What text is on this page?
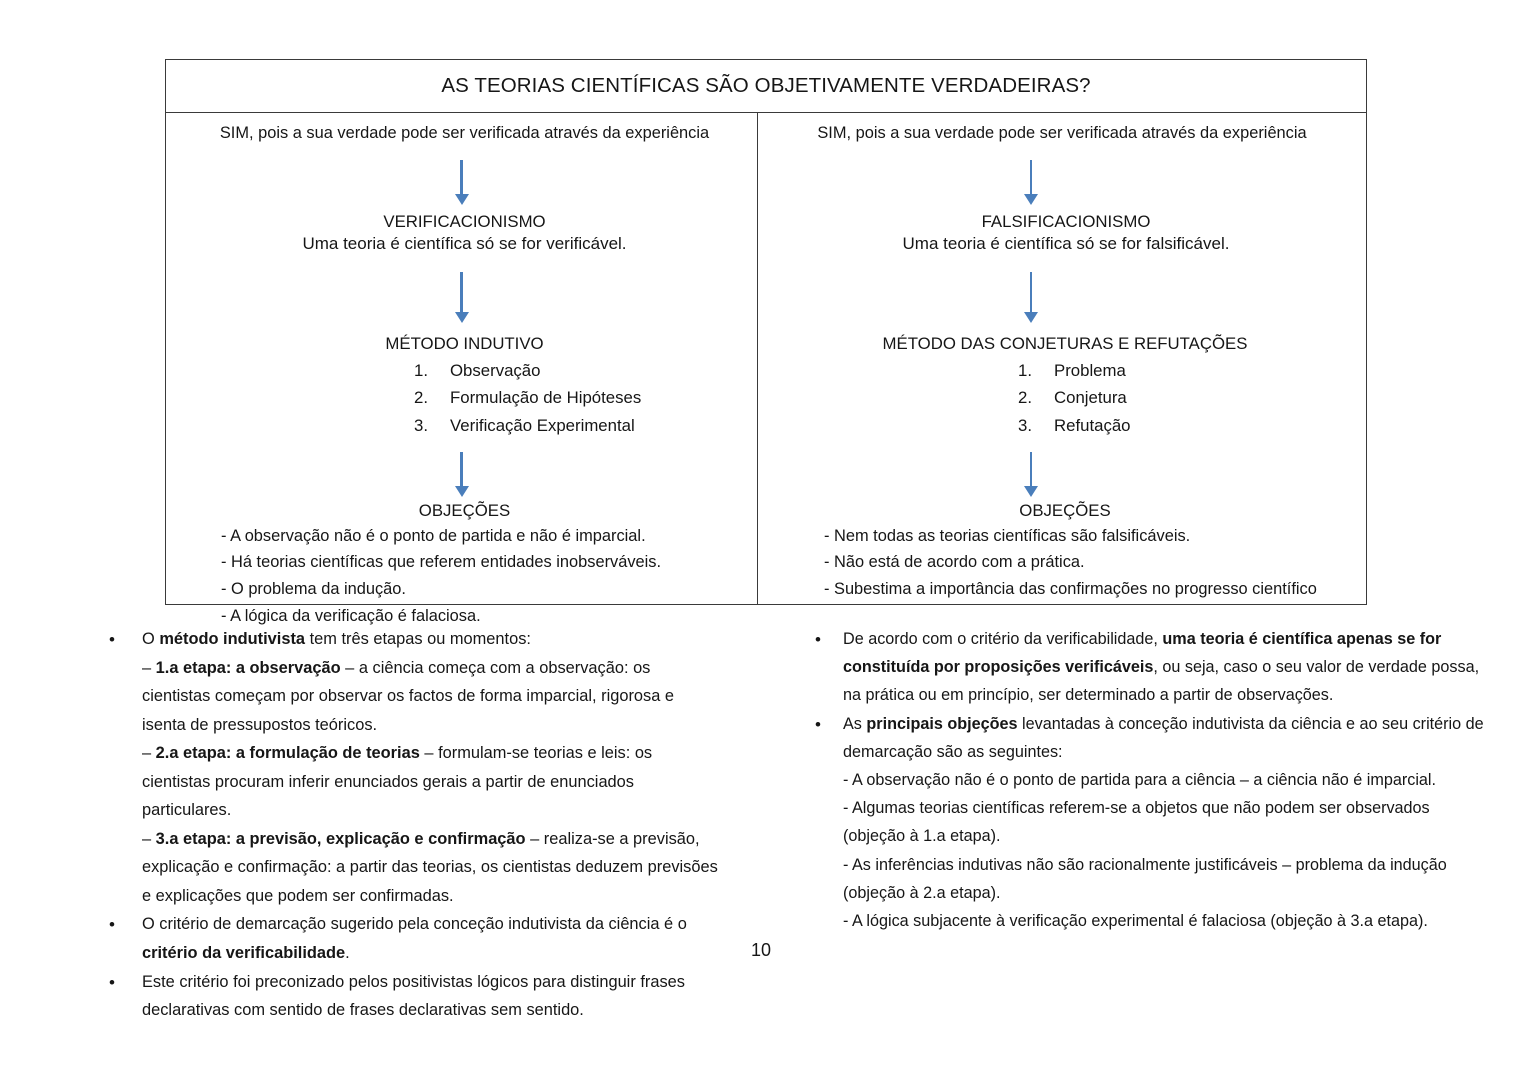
AS TEORIAS CIENTÍFICAS SÃO OBJETIVAMENTE VERDADEIRAS?
SIM, pois a sua verdade pode ser verificada através da experiência
VERIFICACIONISMO
Uma teoria é científica só se for verificável.
MÉTODO INDUTIVO
1.	Observação
2.	Formulação de Hipóteses
3.	Verificação Experimental
OBJEÇÕES
- A observação não é o ponto de partida e não é imparcial.
- Há teorias científicas que referem entidades inobserváveis.
- O problema da indução.
- A lógica da verificação é falaciosa.
SIM, pois a sua verdade pode ser verificada através da experiência
FALSIFICACIONISMO
Uma teoria é científica só se for falsificável.
MÉTODO DAS CONJETURAS E REFUTAÇÕES
1.	Problema
2.	Conjetura
3.	Refutação
OBJEÇÕES
- Nem todas as teorias científicas são falsificáveis.
- Não está de acordo com a prática.
- Subestima a importância das confirmações no progresso científico
• O método indutivista tem três etapas ou momentos:
– 1.a etapa: a observação – a ciência começa com a observação: os cientistas começam por observar os factos de forma imparcial, rigorosa e isenta de pressupostos teóricos.
– 2.a etapa: a formulação de teorias – formulam-se teorias e leis: os cientistas procuram inferir enunciados gerais a partir de enunciados particulares.
– 3.a etapa: a previsão, explicação e confirmação – realiza-se a previsão, explicação e confirmação: a partir das teorias, os cientistas deduzem previsões e explicações que podem ser confirmadas.
• O critério de demarcação sugerido pela conceção indutivista da ciência é o critério da verificabilidade.
• Este critério foi preconizado pelos positivistas lógicos para distinguir frases declarativas com sentido de frases declarativas sem sentido.
• De acordo com o critério da verificabilidade, uma teoria é científica apenas se for constituída por proposições verificáveis, ou seja, caso o seu valor de verdade possa, na prática ou em princípio, ser determinado a partir de observações.
• As principais objeções levantadas à conceção indutivista da ciência e ao seu critério de demarcação são as seguintes:
- A observação não é o ponto de partida para a ciência – a ciência não é imparcial.
- Algumas teorias científicas referem-se a objetos que não podem ser observados (objeção à 1.a etapa).
- As inferências indutivas não são racionalmente justificáveis – problema da indução (objeção à 2.a etapa).
- A lógica subjacente à verificação experimental é falaciosa (objeção à 3.a etapa).
10
